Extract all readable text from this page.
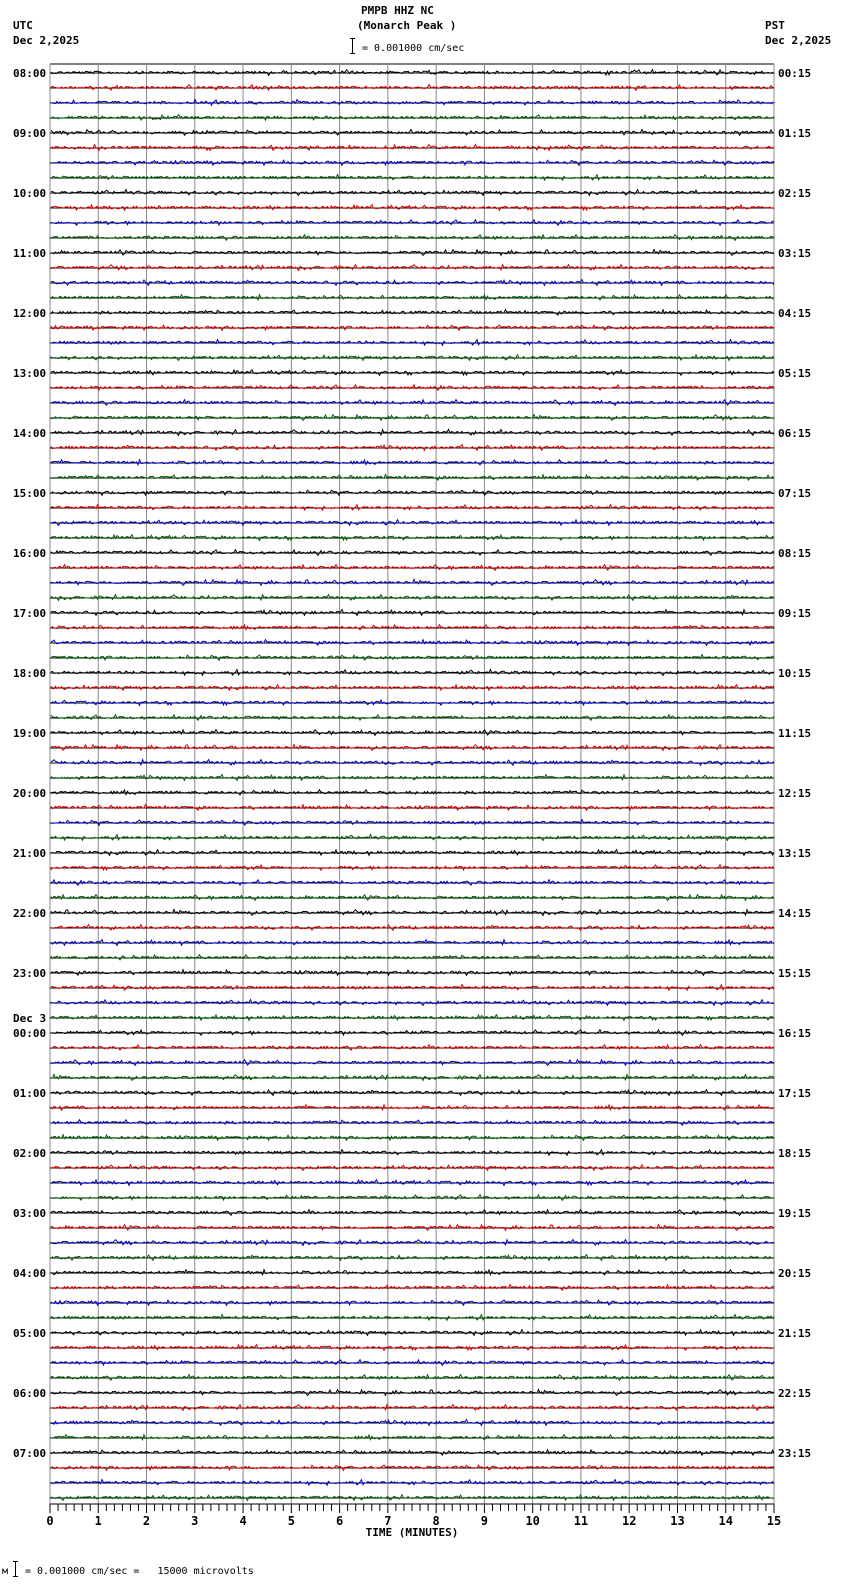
PMPB HHZ NC
(Monarch Peak )
UTC
Dec 2,2025
PST
Dec 2,2025
= 0.001000 cm/sec
0	1	2	3	4	5	6	7	8	9	10	11	12	13	14	15
TIME (MINUTES)
08:00
09:00
10:00
11:00
12:00
13:00
14:00
15:00
16:00
17:00
18:00
19:00
20:00
21:00
22:00
23:00
00:00
Dec 3
01:00
02:00
03:00
04:00
05:00
06:00
07:00
00:15
01:15
02:15
03:15
04:15
05:15
06:15
07:15
08:15
09:15
10:15
11:15
12:15
13:15
14:15
15:15
16:15
17:15
18:15
19:15
20:15
21:15
22:15
23:15
м = 0.001000 cm/sec =   15000 microvolts
